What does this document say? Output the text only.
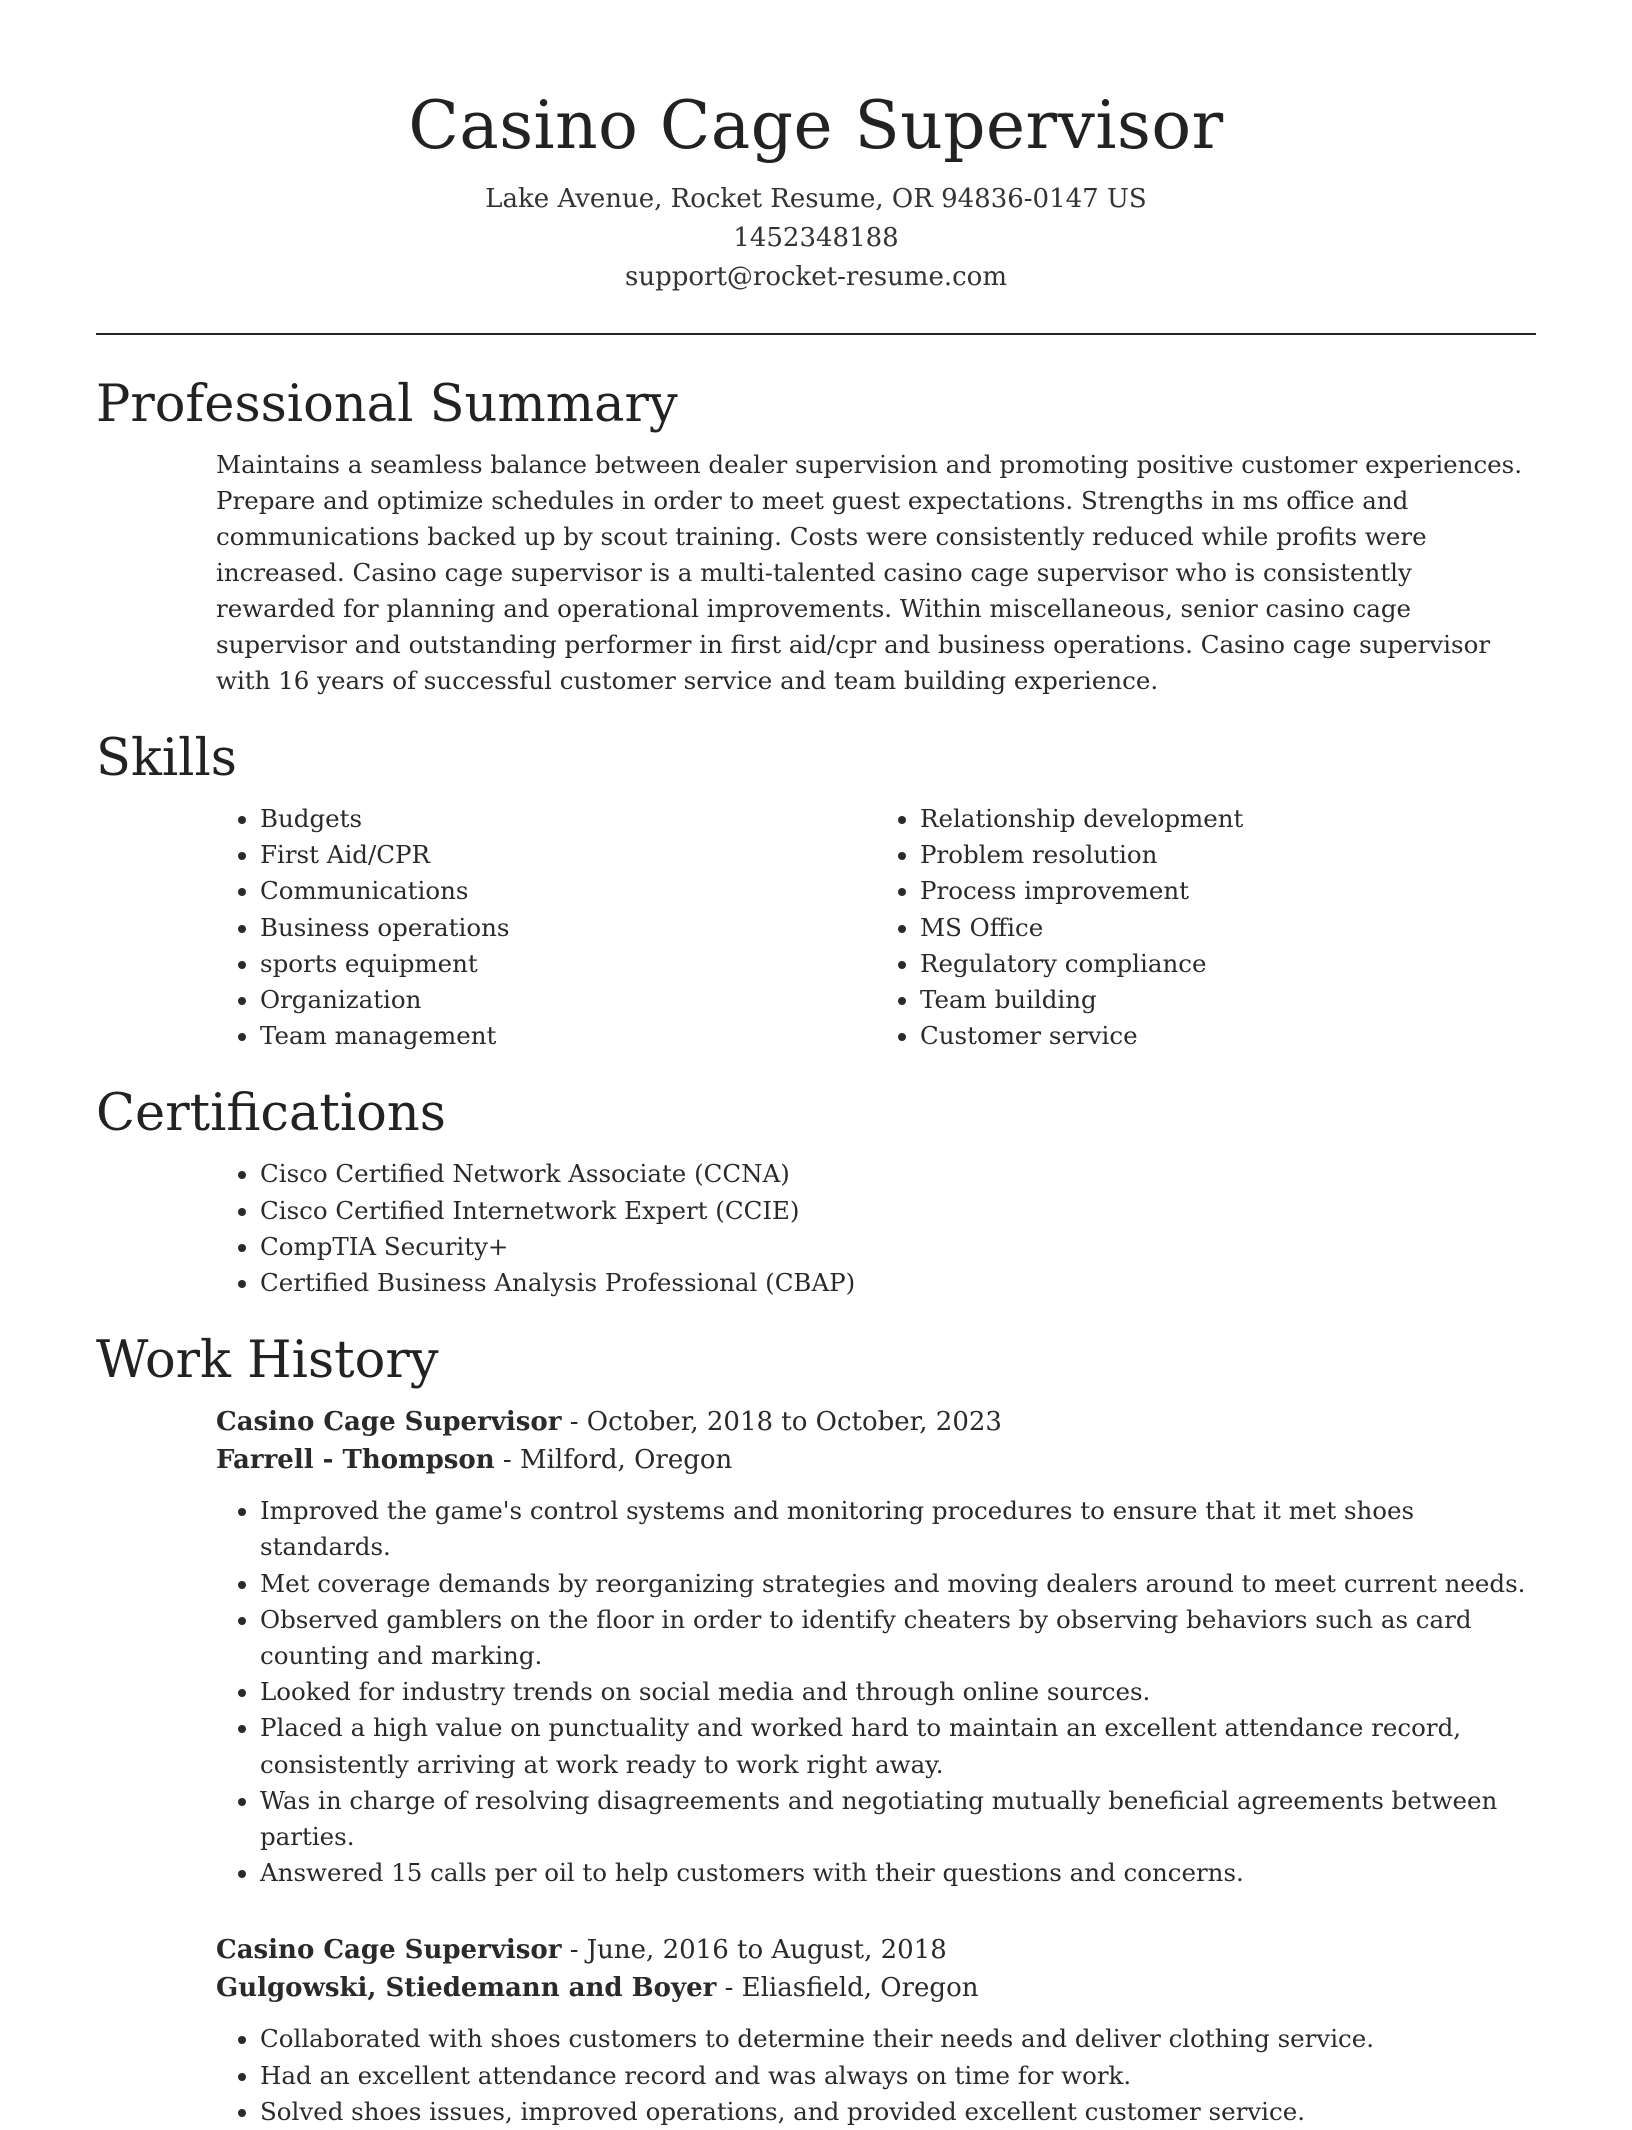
Casino Cage Supervisor
Lake Avenue, Rocket Resume, OR 94836-0147 US
1452348188
support@rocket-resume.com
Professional Summary

Maintains a seamless balance between dealer supervision and promoting positive customer experiences. Prepare and optimize schedules in order to meet guest expectations. Strengths in ms office and communications backed up by scout training. Costs were consistently reduced while profits were increased. Casino cage supervisor is a multi-talented casino cage supervisor who is consistently rewarded for planning and operational improvements. Within miscellaneous, senior casino cage supervisor and outstanding performer in first aid/cpr and business operations. Casino cage supervisor with 16 years of successful customer service and team building experience.

Skills
• Budgets
• First Aid/CPR
• Communications
• Business operations
• sports equipment
• Organization
• Team management
• Relationship development
• Problem resolution
• Process improvement
• MS Office
• Regulatory compliance
• Team building
• Customer service
Certifications
• Cisco Certified Network Associate (CCNA)
• Cisco Certified Internetwork Expert (CCIE)
• CompTIA Security+
• Certified Business Analysis Professional (CBAP)
Work History
Casino Cage Supervisor - October, 2018 to October, 2023
Farrell - Thompson - Milford, Oregon
• Improved the game's control systems and monitoring procedures to ensure that it met shoes standards.
• Met coverage demands by reorganizing strategies and moving dealers around to meet current needs.
• Observed gamblers on the floor in order to identify cheaters by observing behaviors such as card counting and marking.
• Looked for industry trends on social media and through online sources.
• Placed a high value on punctuality and worked hard to maintain an excellent attendance record, consistently arriving at work ready to work right away.
• Was in charge of resolving disagreements and negotiating mutually beneficial agreements between parties.
• Answered 15 calls per oil to help customers with their questions and concerns.
Casino Cage Supervisor - June, 2016 to August, 2018
Gulgowski, Stiedemann and Boyer - Eliasfield, Oregon
• Collaborated with shoes customers to determine their needs and deliver clothing service.
• Had an excellent attendance record and was always on time for work.
• Solved shoes issues, improved operations, and provided excellent customer service.
